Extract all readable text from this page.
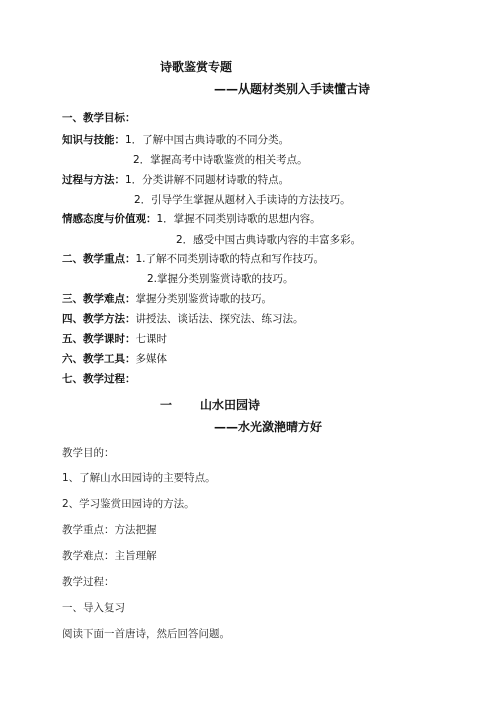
诗歌鉴赏专题
——从题材类别入手读懂古诗
一、教学目标：
知识与技能：1．了解中国古典诗歌的不同分类。
2．掌握高考中诗歌鉴赏的相关考点。
过程与方法：1．分类讲解不同题材诗歌的特点。
2．引导学生掌握从题材入手读诗的方法技巧。
情感态度与价值观：1．掌握不同类别诗歌的思想内容。
2．感受中国古典诗歌内容的丰富多彩。
二、教学重点：1.了解不同类别诗歌的特点和写作技巧。
2.掌握分类别鉴赏诗歌的技巧。
三、教学难点：掌握分类别鉴赏诗歌的技巧。
四、教学方法：讲授法、谈话法、探究法、练习法。
五、教学课时：七课时
六、教学工具：多媒体
七、教学过程：
一 山水田园诗
——水光潋滟晴方好
教学目的：
1、了解山水田园诗的主要特点。
2、学习鉴赏田园诗的方法。
教学重点：方法把握
教学难点：主旨理解
教学过程：
一、导入复习
阅读下面一首唐诗，然后回答问题。
